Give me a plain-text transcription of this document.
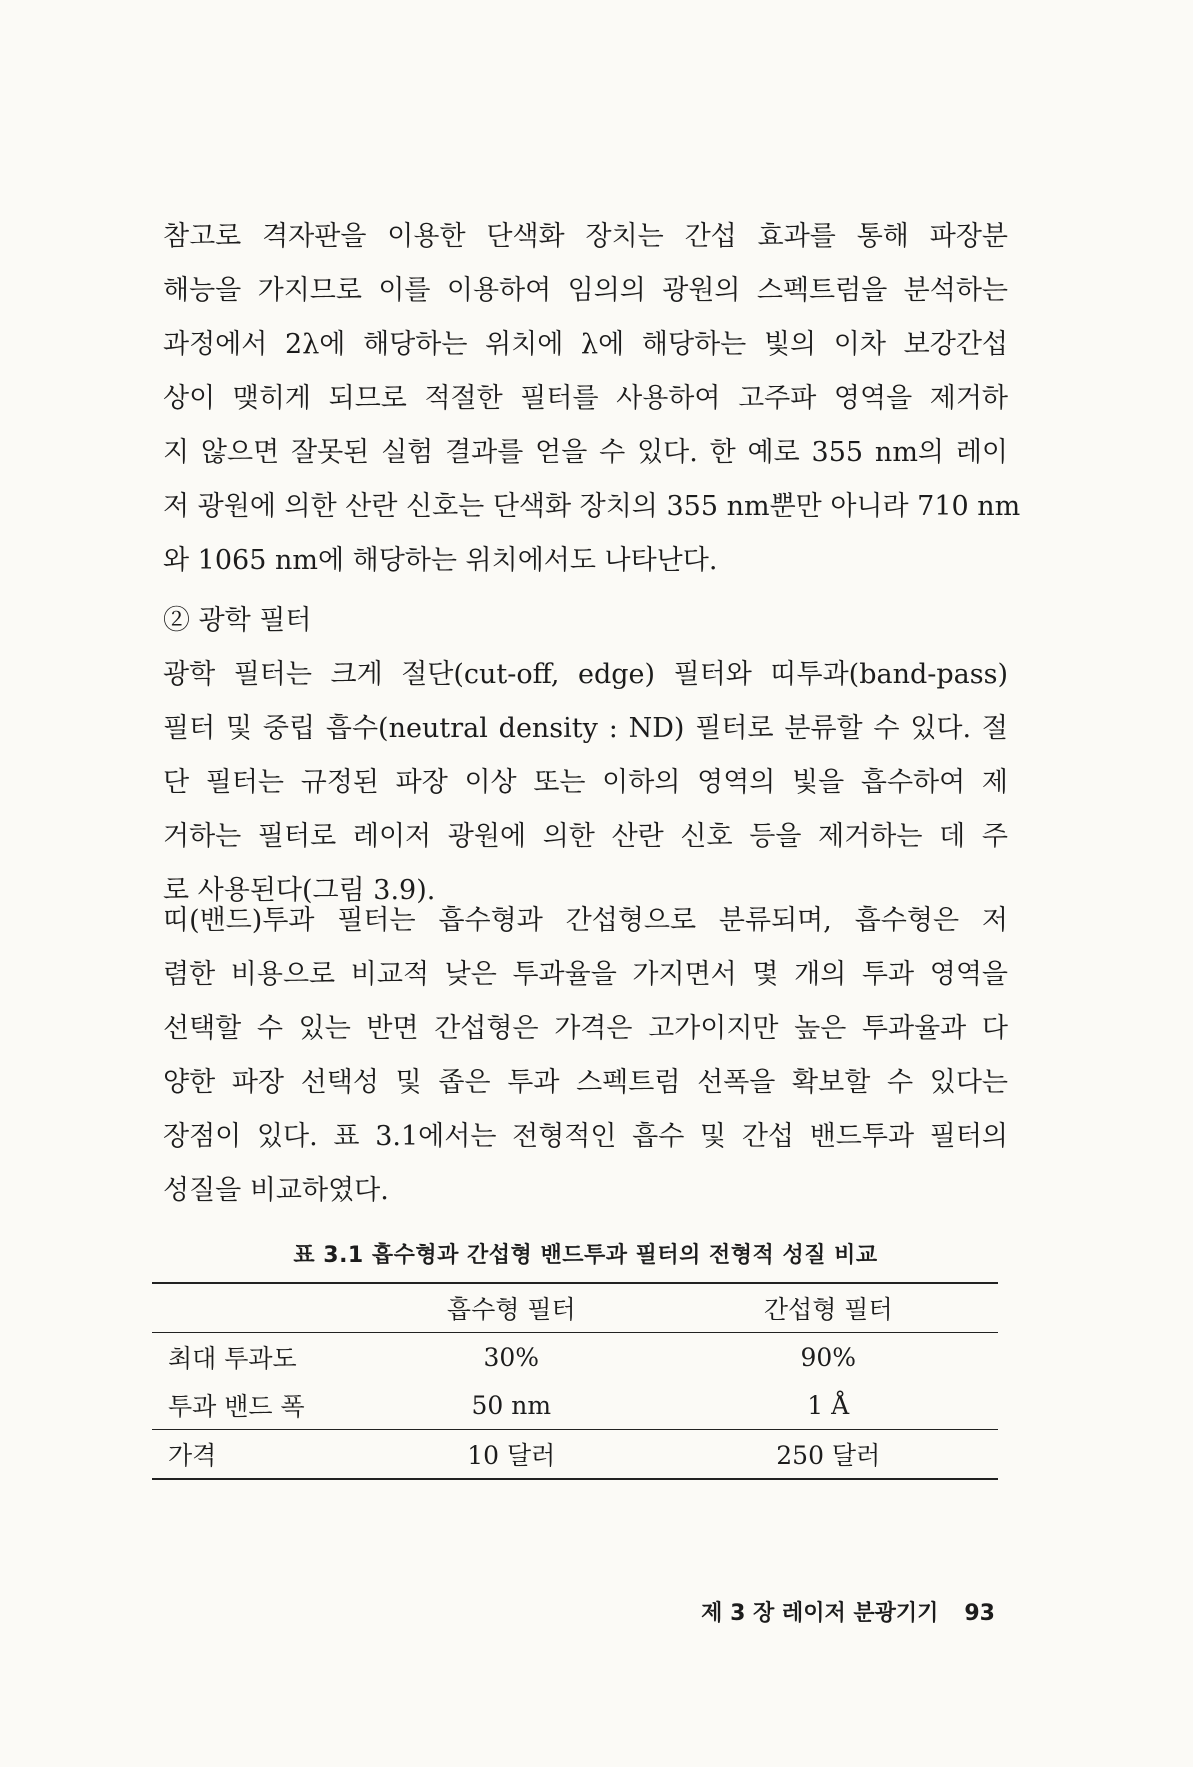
참고로 격자판을 이용한 단색화 장치는 간섭 효과를 통해 파장분
해능을 가지므로 이를 이용하여 임의의 광원의 스펙트럼을 분석하는
과정에서 2λ에 해당하는 위치에 λ에 해당하는 빛의 이차 보강간섭
상이 맺히게 되므로 적절한 필터를 사용하여 고주파 영역을 제거하
지 않으면 잘못된 실험 결과를 얻을 수 있다. 한 예로 355 nm의 레이
저 광원에 의한 산란 신호는 단색화 장치의 355 nm뿐만 아니라 710 nm
와 1065 nm에 해당하는 위치에서도 나타난다.
② 광학 필터
광학 필터는 크게 절단(cut-off, edge) 필터와 띠투과(band-pass)
필터 및 중립 흡수(neutral density : ND) 필터로 분류할 수 있다. 절
단 필터는 규정된 파장 이상 또는 이하의 영역의 빛을 흡수하여 제
거하는 필터로 레이저 광원에 의한 산란 신호 등을 제거하는 데 주
로 사용된다(그림 3.9).
띠(밴드)투과 필터는 흡수형과 간섭형으로 분류되며, 흡수형은 저
렴한 비용으로 비교적 낮은 투과율을 가지면서 몇 개의 투과 영역을
선택할 수 있는 반면 간섭형은 가격은 고가이지만 높은 투과율과 다
양한 파장 선택성 및 좁은 투과 스펙트럼 선폭을 확보할 수 있다는
장점이 있다. 표 3.1에서는 전형적인 흡수 및 간섭 밴드투과 필터의
성질을 비교하였다.
표 3.1 흡수형과 간섭형 밴드투과 필터의 전형적 성질 비교
	흡수형 필터	간섭형 필터
최대 투과도	30%	90%
투과 밴드 폭	50 nm	1 Å
가격	10 달러	250 달러
제 3 장 레이저 분광기기 93
